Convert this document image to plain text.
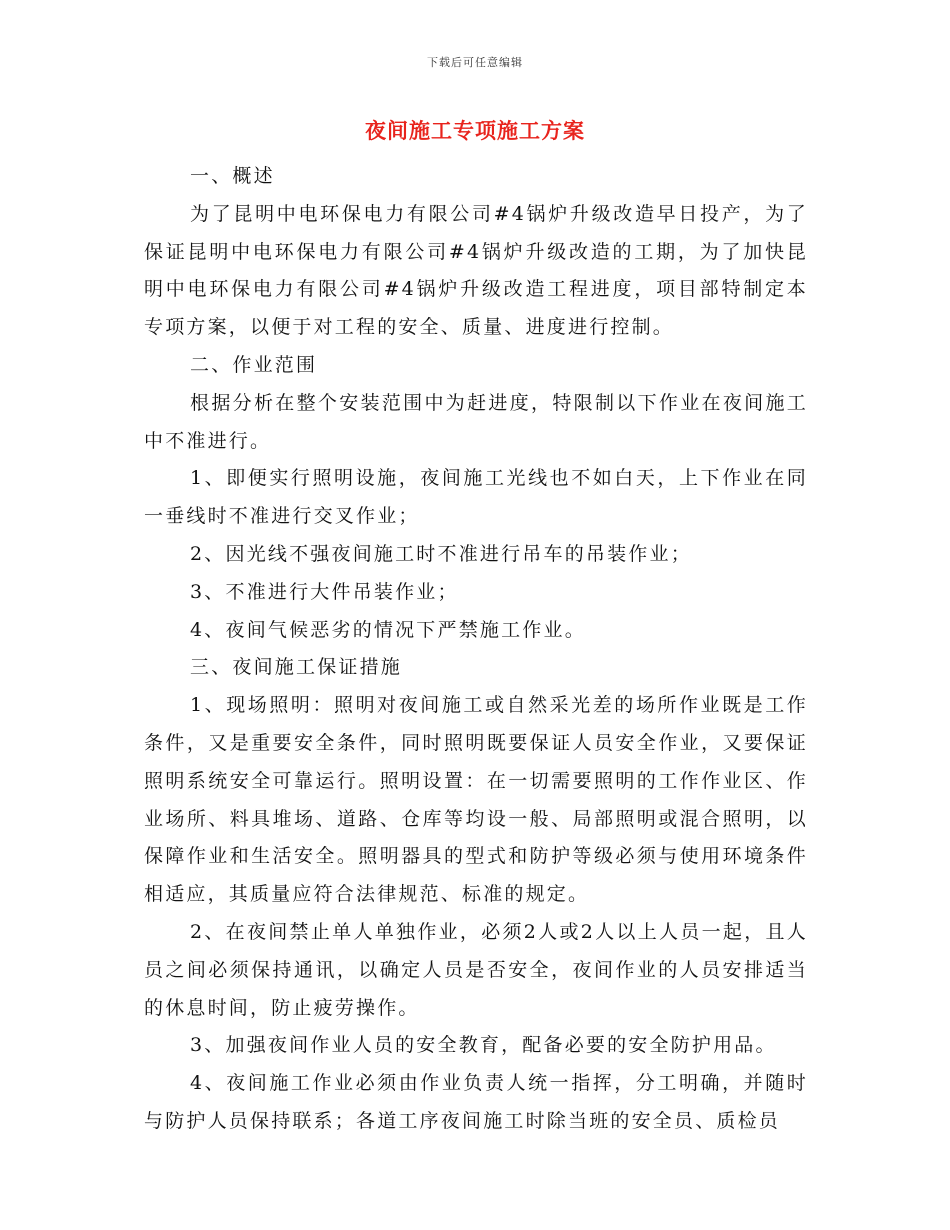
下载后可任意编辑
夜间施工专项施工方案

一、概述

为了昆明中电环保电力有限公司#4锅炉升级改造早日投产，为了保证昆明中电环保电力有限公司#4锅炉升级改造的工期，为了加快昆明中电环保电力有限公司#4锅炉升级改造工程进度，项目部特制定本专项方案，以便于对工程的安全、质量、进度进行控制。

二、作业范围

根据分析在整个安装范围中为赶进度，特限制以下作业在夜间施工中不准进行。

1、即便实行照明设施，夜间施工光线也不如白天，上下作业在同一垂线时不准进行交叉作业；

2、因光线不强夜间施工时不准进行吊车的吊装作业；

3、不准进行大件吊装作业；

4、夜间气候恶劣的情况下严禁施工作业。

三、夜间施工保证措施

1、现场照明：照明对夜间施工或自然采光差的场所作业既是工作条件，又是重要安全条件，同时照明既要保证人员安全作业，又要保证照明系统安全可靠运行。照明设置：在一切需要照明的工作作业区、作业场所、料具堆场、道路、仓库等均设一般、局部照明或混合照明，以保障作业和生活安全。照明器具的型式和防护等级必须与使用环境条件相适应，其质量应符合法律规范、标准的规定。

2、在夜间禁止单人单独作业，必须2人或2人以上人员一起，且人员之间必须保持通讯，以确定人员是否安全，夜间作业的人员安排适当的休息时间，防止疲劳操作。

3、加强夜间作业人员的安全教育，配备必要的安全防护用品。

4、夜间施工作业必须由作业负责人统一指挥，分工明确，并随时与防护人员保持联系；各道工序夜间施工时除当班的安全员、质检员
